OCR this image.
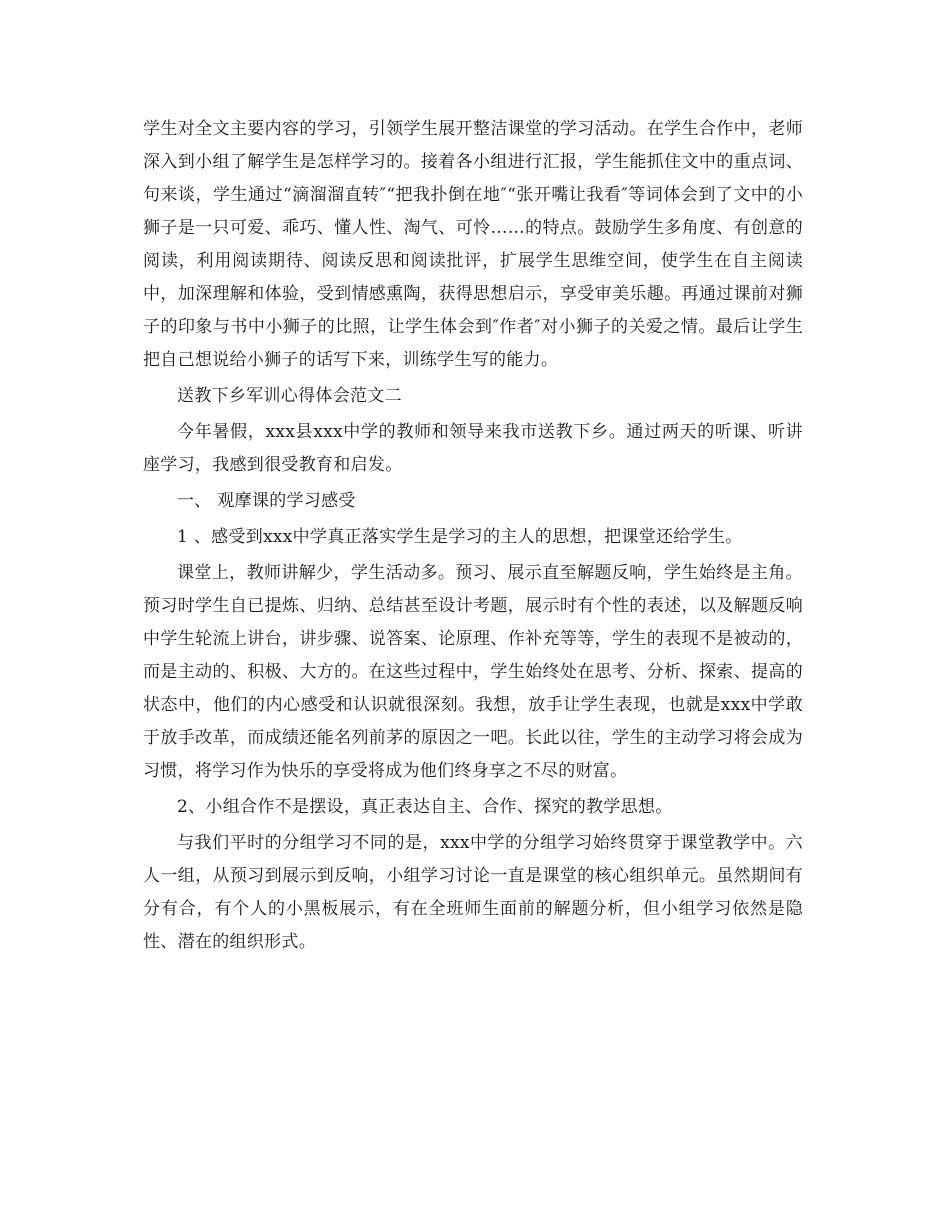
学生对全文主要内容的学习，引领学生展开整洁课堂的学习活动。在学生合作中，老师深入到小组了解学生是怎样学习的。接着各小组进行汇报，学生能抓住文中的重点词、句来谈，学生通过“滴溜溜直转″“把我扑倒在地″“张开嘴让我看″等词体会到了文中的小狮子是一只可爱、乖巧、懂人性、淘气、可怜……的特点。鼓励学生多角度、有创意的阅读，利用阅读期待、阅读反思和阅读批评，扩展学生思维空间，使学生在自主阅读中，加深理解和体验，受到情感熏陶，获得思想启示，享受审美乐趣。再通过课前对狮子的印象与书中小狮子的比照，让学生体会到″作者″对小狮子的关爱之情。最后让学生把自己想说给小狮子的话写下来，训练学生写的能力。

送教下乡军训心得体会范文二

今年暑假，xxx县xxx中学的教师和领导来我市送教下乡。通过两天的听课、听讲座学习，我感到很受教育和启发。

一、 观摩课的学习感受

1 、感受到xxx中学真正落实学生是学习的主人的思想，把课堂还给学生。

课堂上，教师讲解少，学生活动多。预习、展示直至解题反响，学生始终是主角。预习时学生自已提炼、归纳、总结甚至设计考题，展示时有个性的表述，以及解题反响中学生轮流上讲台，讲步骤、说答案、论原理、作补充等等，学生的表现不是被动的，而是主动的、积极、大方的。在这些过程中，学生始终处在思考、分析、探索、提高的状态中，他们的内心感受和认识就很深刻。我想，放手让学生表现，也就是xxx中学敢于放手改革，而成绩还能名列前茅的原因之一吧。长此以往，学生的主动学习将会成为习惯，将学习作为快乐的享受将成为他们终身享之不尽的财富。

2、小组合作不是摆设，真正表达自主、合作、探究的教学思想。

与我们平时的分组学习不同的是，xxx中学的分组学习始终贯穿于课堂教学中。六人一组，从预习到展示到反响，小组学习讨论一直是课堂的核心组织单元。虽然期间有分有合，有个人的小黑板展示，有在全班师生面前的解题分析，但小组学习依然是隐性、潜在的组织形式。
